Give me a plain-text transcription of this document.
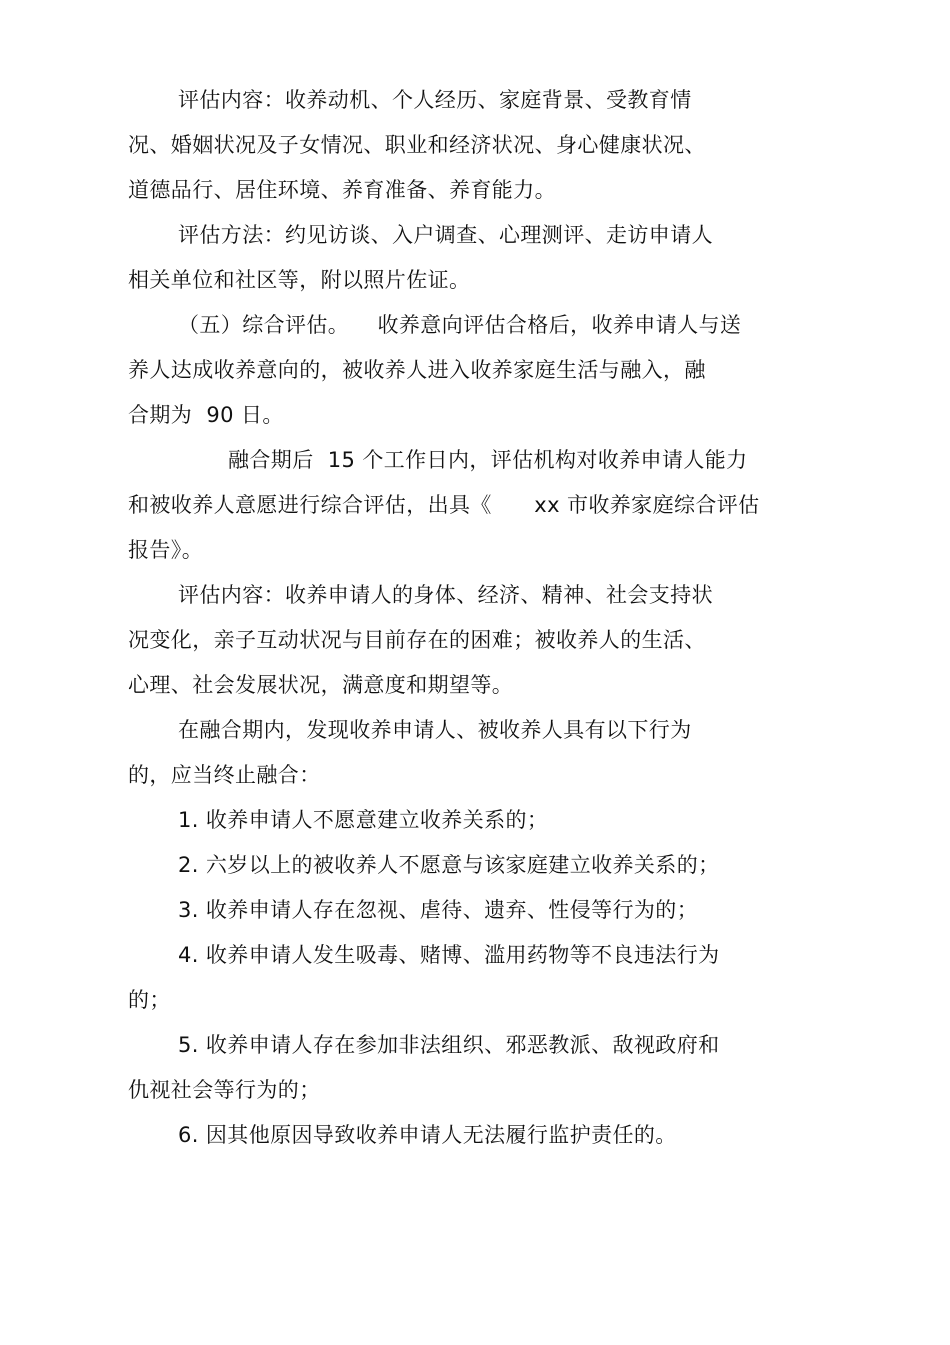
评估内容：收养动机、个人经历、家庭背景、受教育情
况、婚姻状况及子女情况、职业和经济状况、身心健康状况、
道德品行、居住环境、养育准备、养育能力。
评估方法：约见访谈、入户调查、心理测评、走访申请人
相关单位和社区等，附以照片佐证。
（五）综合评估。    收养意向评估合格后，收养申请人与送
养人达成收养意向的，被收养人进入收养家庭生活与融入，融
合期为  90 日。
融合期后  15 个工作日内，评估机构对收养申请人能力
和被收养人意愿进行综合评估，出具《      xx 市收养家庭综合评估
报告》。
评估内容：收养申请人的身体、经济、精神、社会支持状
况变化，亲子互动状况与目前存在的困难；被收养人的生活、
心理、社会发展状况，满意度和期望等。
在融合期内，发现收养申请人、被收养人具有以下行为
的，应当终止融合：
1. 收养申请人不愿意建立收养关系的；
2. 六岁以上的被收养人不愿意与该家庭建立收养关系的；
3. 收养申请人存在忽视、虐待、遗弃、性侵等行为的；
4. 收养申请人发生吸毒、赌博、滥用药物等不良违法行为
的；
5. 收养申请人存在参加非法组织、邪恶教派、敌视政府和
仇视社会等行为的；
6. 因其他原因导致收养申请人无法履行监护责任的。
